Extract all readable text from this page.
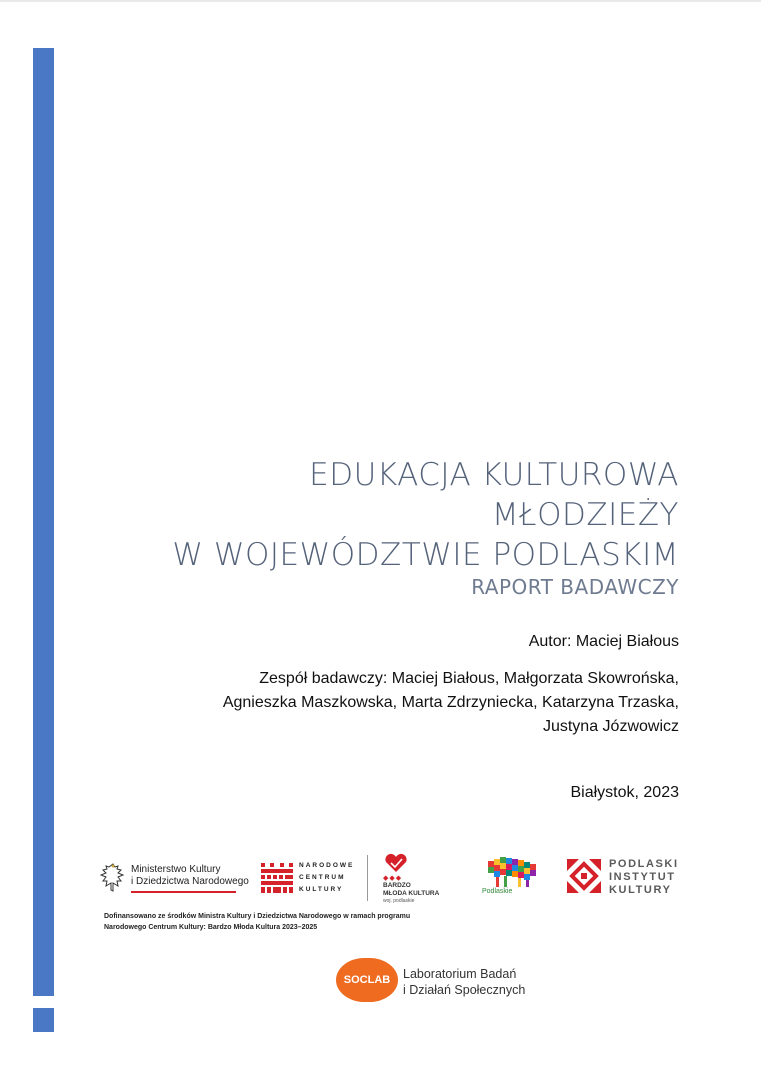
EDUKACJA KULTUROWA
MŁODZIEŻY
W WOJEWÓDZTWIE PODLASKIM
RAPORT BADAWCZY
Autor: Maciej Białous
Zespół badawczy: Maciej Białous, Małgorzata Skowrońska,
Agnieszka Maszkowska, Marta Zdrzyniecka, Katarzyna Trzaska,
Justyna Józwowicz
Białystok, 2023
Ministerstwo Kultury
i Dziedzictwa Narodowego
NARODOWE
CENTRUM
KULTURY
◆◆◆
BARDZO
MŁODA KULTURA
woj. podlaskie
Podlaskie
PODLASKI
INSTYTUT
KULTURY
Dofinansowano ze środków Ministra Kultury i Dziedzictwa Narodowego w ramach programu
Narodowego Centrum Kultury: Bardzo Młoda Kultura 2023–2025
SOCLAB	Laboratorium Badań
i Działań Społecznych
